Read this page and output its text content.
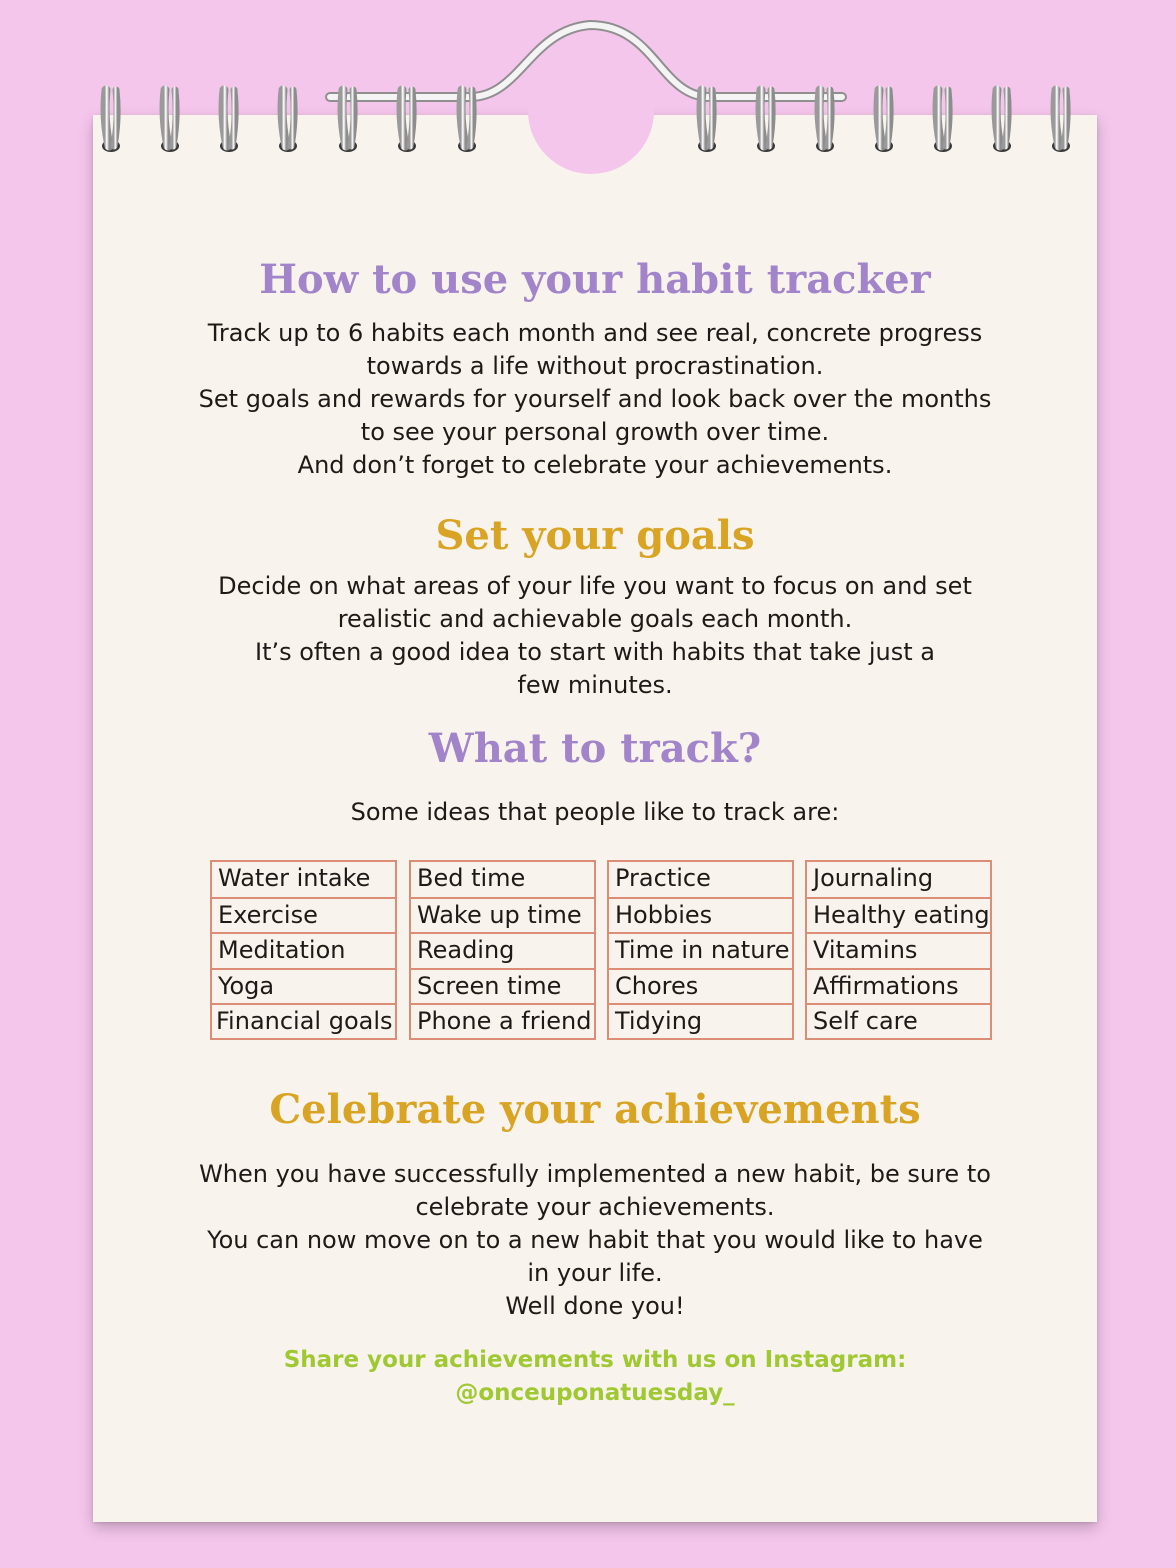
How to use your habit tracker
Track up to 6 habits each month and see real, concrete progress
towards a life without procrastination.
Set goals and rewards for yourself and look back over the months
to see your personal growth over time.
And don’t forget to celebrate your achievements.
Set your goals
Decide on what areas of your life you want to focus on and set
realistic and achievable goals each month.
It’s often a good idea to start with habits that take just a
few minutes.
What to track?
Some ideas that people like to track are:
Water intake
Exercise
Meditation
Yoga
Financial goals
Bed time
Wake up time
Reading
Screen time
Phone a friend
Practice
Hobbies
Time in nature
Chores
Tidying
Journaling
Healthy eating
Vitamins
Affirmations
Self care
Celebrate your achievements
When you have successfully implemented a new habit, be sure to
celebrate your achievements.
You can now move on to a new habit that you would like to have
in your life.
Well done you!
Share your achievements with us on Instagram:
@onceuponatuesday_
